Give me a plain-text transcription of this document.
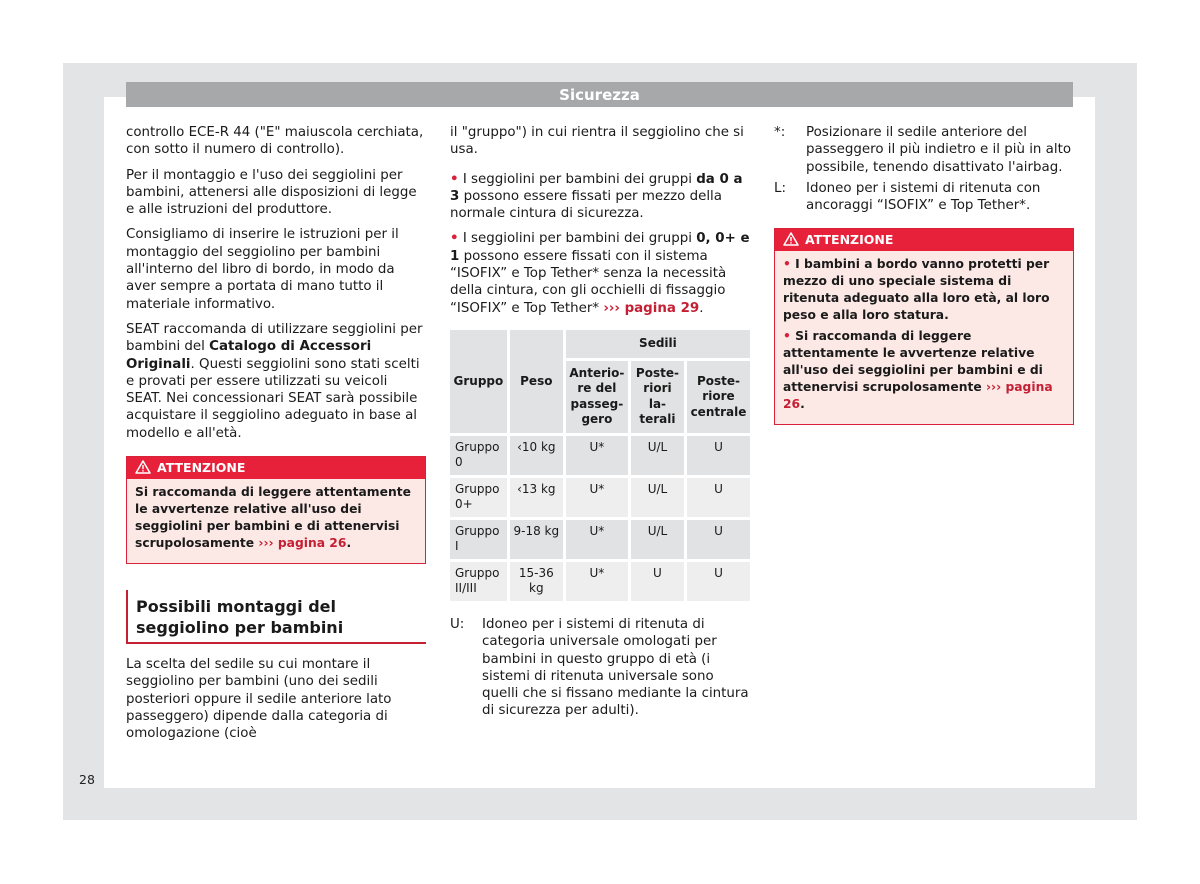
Sicurezza

controllo ECE-R 44 ("E" maiuscola cerchiata, con sotto il numero di controllo).

Per il montaggio e l'uso dei seggiolini per bambini, attenersi alle disposizioni di legge e alle istruzioni del produttore.

Consigliamo di inserire le istruzioni per il montaggio del seggiolino per bambini all'interno del libro di bordo, in modo da aver sempre a portata di mano tutto il materiale informativo.

SEAT raccomanda di utilizzare seggiolini per bambini del Catalogo di Accessori Originali. Questi seggiolini sono stati scelti e provati per essere utilizzati su veicoli SEAT. Nei concessionari SEAT sarà possibile acquistare il seggiolino adeguato in base al modello e all'età.

ATTENZIONE

Si raccomanda di leggere attentamente le avvertenze relative all'uso dei seggiolini per bambini e di attenervisi scrupolosamente ››› pagina 26.

Possibili montaggi del seggiolino per bambini

La scelta del sedile su cui montare il seggiolino per bambini (uno dei sedili posteriori oppure il sedile anteriore lato passeggero) dipende dalla categoria di omologazione (cioè

il "gruppo") in cui rientra il seggiolino che si usa.

• I seggiolini per bambini dei gruppi da 0 a 3 possono essere fissati per mezzo della normale cintura di sicurezza.

• I seggiolini per bambini dei gruppi 0, 0+ e 1 possono essere fissati con il sistema “ISOFIX” e Top Tether* senza la necessità della cintura, con gli occhielli di fissaggio “ISOFIX” e Top Tether* ››› pagina 29.

Gruppo	Peso	Sedili		
		Anterio-
re del
passeg-
gero	Poste-
riori la-
terali	Poste-
riore
centrale
Gruppo 0	‹10 kg	U*	U/L	U
Gruppo 0+	‹13 kg	U*	U/L	U
Gruppo I	9-18 kg	U*	U/L	U
Gruppo II/III	15-36 kg	U*	U	U
U:	Idoneo per i sistemi di ritenuta di categoria universale omologati per bambini in questo gruppo di età (i sistemi di ritenuta universale sono quelli che si fissano mediante la cintura di sicurezza per adulti).
*:	Posizionare il sedile anteriore del passeggero il più indietro e il più in alto possibile, tenendo disattivato l'airbag.
L:	Idoneo per i sistemi di ritenuta con ancoraggi “ISOFIX” e Top Tether*.
ATTENZIONE

• I bambini a bordo vanno protetti per mezzo di uno speciale sistema di ritenuta adeguato alla loro età, al loro peso e alla loro statura.

• Si raccomanda di leggere attentamente le avvertenze relative all'uso dei seggiolini per bambini e di attenervisi scrupolosamente ››› pagina 26.

28
